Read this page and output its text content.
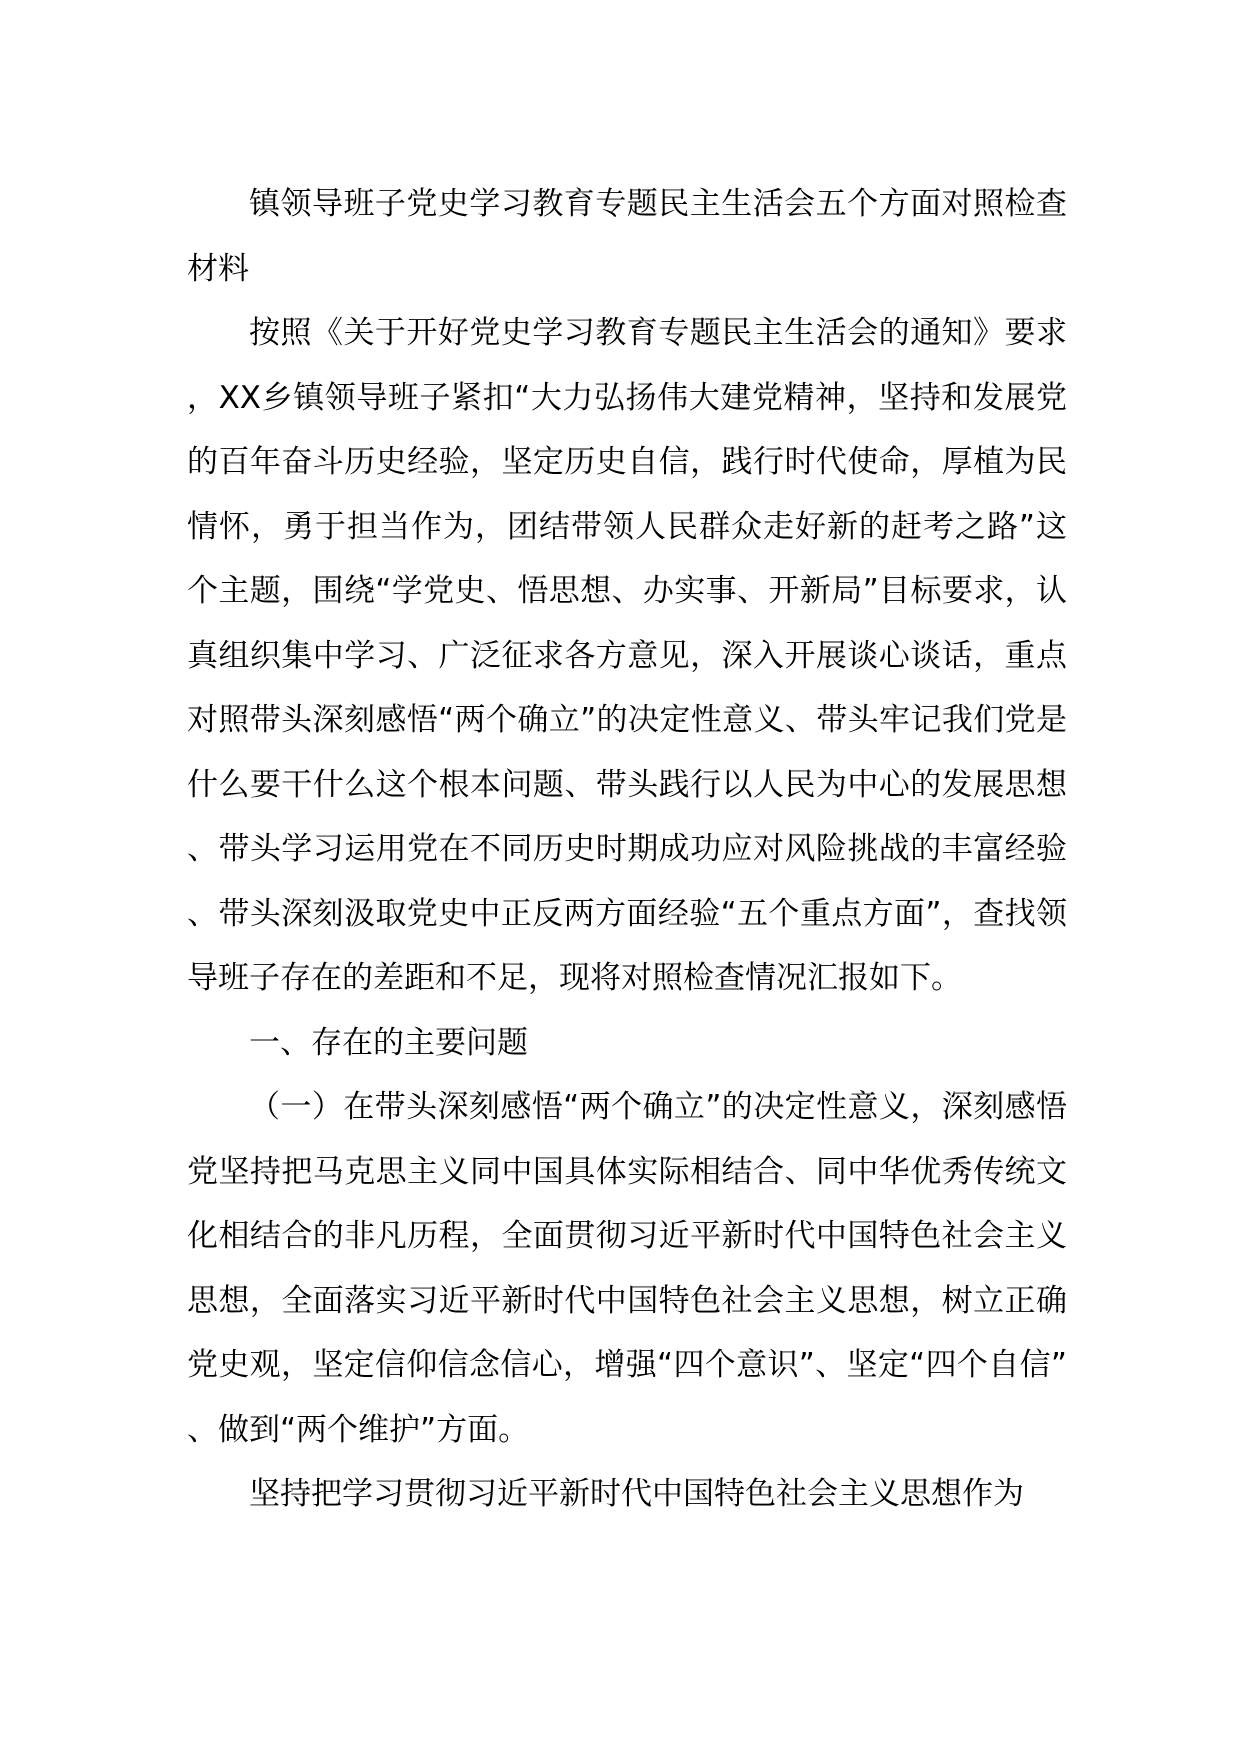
镇领导班子党史学习教育专题民主生活会五个方面对照检查材料

按照《关于开好党史学习教育专题民主生活会的通知》要求，XX乡镇领导班子紧扣“大力弘扬伟大建党精神，坚持和发展党的百年奋斗历史经验，坚定历史自信，践行时代使命，厚植为民情怀，勇于担当作为，团结带领人民群众走好新的赶考之路”这个主题，围绕“学党史、悟思想、办实事、开新局”目标要求，认真组织集中学习、广泛征求各方意见，深入开展谈心谈话，重点对照带头深刻感悟“两个确立”的决定性意义、带头牢记我们党是什么要干什么这个根本问题、带头践行以人民为中心的发展思想、带头学习运用党在不同历史时期成功应对风险挑战的丰富经验、带头深刻汲取党史中正反两方面经验“五个重点方面”，查找领导班子存在的差距和不足，现将对照检查情况汇报如下。

一、存在的主要问题

（一）在带头深刻感悟“两个确立”的决定性意义，深刻感悟党坚持把马克思主义同中国具体实际相结合、同中华优秀传统文化相结合的非凡历程，全面贯彻习近平新时代中国特色社会主义思想，全面落实习近平新时代中国特色社会主义思想，树立正确党史观，坚定信仰信念信心，增强“四个意识”、坚定“四个自信”、做到“两个维护”方面。

坚持把学习贯彻习近平新时代中国特色社会主义思想作为
